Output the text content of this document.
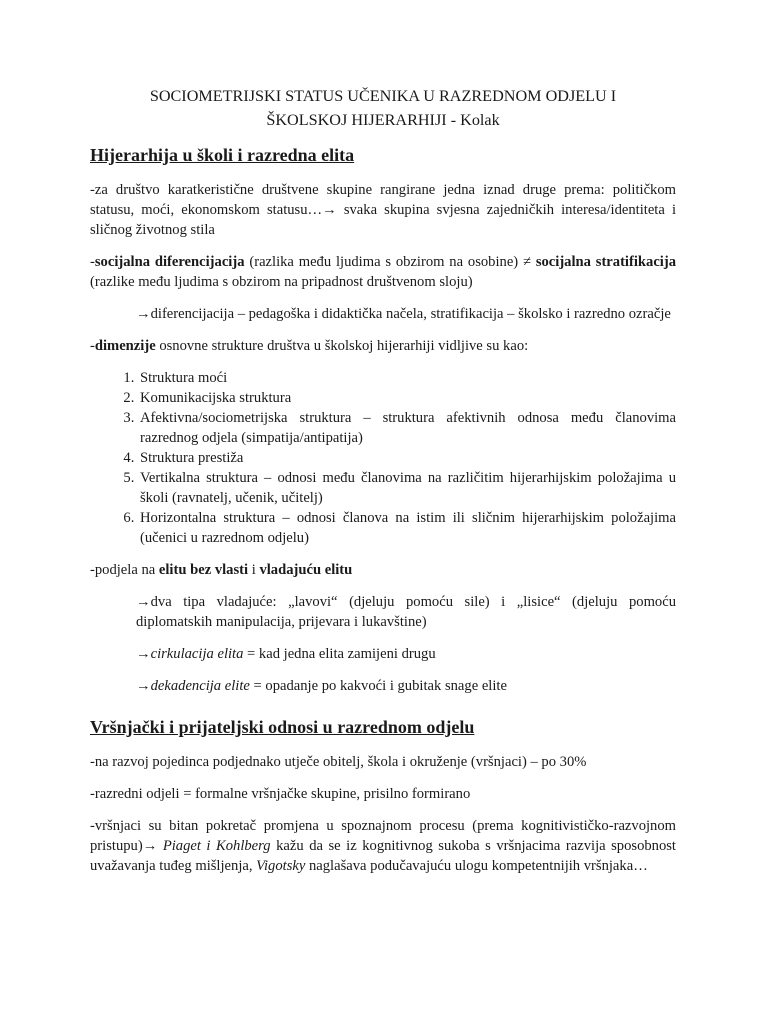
SOCIOMETRIJSKI STATUS UČENIKA U RAZREDNOM ODJELU I
ŠKOLSKOJ HIJERARHIJI - Kolak
Hijerarhija u školi i razredna elita

-za društvo karatkeristične društvene skupine rangirane jedna iznad druge prema: političkom statusu, moći, ekonomskom statusu…→ svaka skupina svjesna zajedničkih interesa/identiteta i sličnog životnog stila

-socijalna diferencijacija (razlika među ljudima s obzirom na osobine) ≠ socijalna stratifikacija (razlike među ljudima s obzirom na pripadnost društvenom sloju)

→diferencijacija – pedagoška i didaktička načela, stratifikacija – školsko i razredno ozračje

-dimenzije osnovne strukture društva u školskoj hijerarhiji vidljive su kao:

1. Struktura moći
2. Komunikacijska struktura
3. Afektivna/sociometrijska struktura – struktura afektivnih odnosa među članovima razrednog odjela (simpatija/antipatija)
4. Struktura prestiža
5. Vertikalna struktura – odnosi među članovima na različitim hijerarhijskim položajima u školi (ravnatelj, učenik, učitelj)
6. Horizontalna struktura – odnosi članova na istim ili sličnim hijerarhijskim položajima (učenici u razrednom odjelu)

-podjela na elitu bez vlasti i vladajuću elitu

→dva tipa vladajuće: „lavovi“ (djeluju pomoću sile) i „lisice“ (djeluju pomoću diplomatskih manipulacija, prijevara i lukavštine)

→cirkulacija elita = kad jedna elita zamijeni drugu

→dekadencija elite = opadanje po kakvoći i gubitak snage elite

Vršnjački i prijateljski odnosi u razrednom odjelu

-na razvoj pojedinca podjednako utječe obitelj, škola i okruženje (vršnjaci) – po 30%

-razredni odjeli = formalne vršnjačke skupine, prisilno formirano

-vršnjaci su bitan pokretač promjena u spoznajnom procesu (prema kognitivističko-razvojnom pristupu)→ Piaget i Kohlberg kažu da se iz kognitivnog sukoba s vršnjacima razvija sposobnost uvažavanja tuđeg mišljenja, Vigotsky naglašava podučavajuću ulogu kompetentnijih vršnjaka…
